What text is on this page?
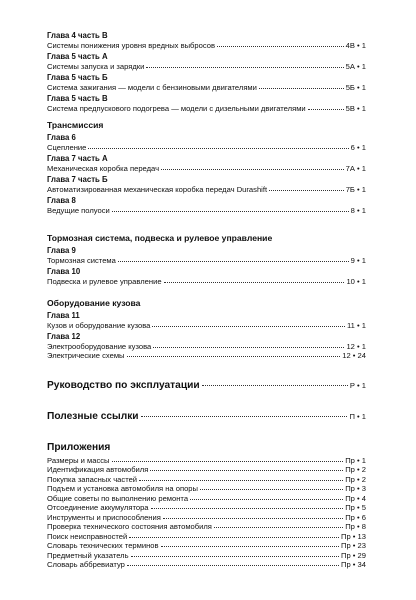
Глава 4 часть В
Системы понижения уровня вредных выбросов	4В • 1
Глава 5 часть А
Системы запуска и зарядки	5А • 1
Глава 5 часть Б
Система зажигания — модели с бензиновыми двигателями	5Б • 1
Глава 5 часть В
Система предпускового подогрева — модели с дизельными двигателями	5В • 1
Трансмиссия
Глава 6
Сцепление	6 • 1
Глава 7 часть А
Механическая коробка передач	7А • 1
Глава 7 часть Б
Автоматизированная механическая коробка передач Durashift	7Б • 1
Глава 8
Ведущие полуоси	8 • 1
Тормозная система, подвеска и рулевое управление
Глава 9
Тормозная система	9 • 1
Глава 10
Подвеска и рулевое управление	10 • 1
Оборудование кузова
Глава 11
Кузов и оборудование кузова	11 • 1
Глава 12
Электрооборудование кузова	12 • 1
Электрические схемы	12 • 24
Руководство по эксплуатации	Р • 1
Полезные ссылки	П • 1
Приложения
Размеры и массы	Пр • 1
Идентификация автомобиля	Пр • 2
Покупка запасных частей	Пр • 2
Подъем и установка автомобиля на опоры	Пр • 3
Общие советы по выполнению ремонта	Пр • 4
Отсоединение аккумулятора	Пр • 5
Инструменты и приспособления	Пр • 6
Проверка технического состояния автомобиля	Пр • 8
Поиск неисправностей	Пр • 13
Словарь технических терминов	Пр • 23
Предметный указатель	Пр • 29
Словарь аббревиатур	Пр • 34
